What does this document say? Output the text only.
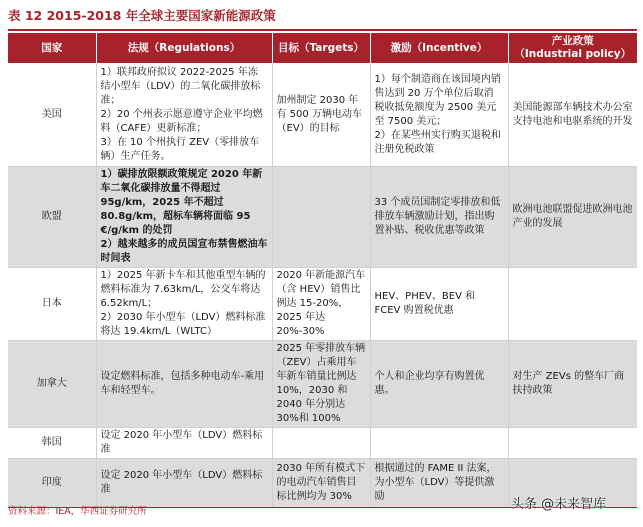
表 12 2015-2018 年全球主要国家新能源政策
国家	法规（Regulations）	目标（Targets）	激励（Incentive）	产业政策
（Industrial policy）
美国	1）联邦政府拟议 2022-2025 年冻结小型车（LDV）的二氧化碳排放标准；
2）20 个州表示愿意遵守企业平均燃料（CAFE）更新标准；
3）在 10 个州执行 ZEV（零排放车辆）生产任务。	加州制定 2030 年有 500 万辆电动车（EV）的目标	1）每个制造商在该国境内销售达到 20 万个单位后取消税收抵免额度为 2500 美元至 7500 美元；
2）在某些州实行购买退税和注册免税政策	美国能源部车辆技术办公室支持电池和电驱系统的开发
欧盟	1）碳排放限额政策规定 2020 年新车二氧化碳排放量不得超过 95g/km，2025 年不超过 80.8g/km，超标车辆将面临 95 €/g/km 的处罚
2）越来越多的成员国宣布禁售燃油车时间表		33 个成员国制定零排放和低排放车辆激励计划，指出购置补贴、税收优惠等政策	欧洲电池联盟促进欧洲电池产业的发展
日本	1）2025 年新卡车和其他重型车辆的燃料标准为 7.63km/L，公交车将达 6.52km/L；
2）2030 年小型车（LDV）燃料标准将达 19.4km/L（WLTC）	2020 年新能源汽车（含 HEV）销售比例达 15-20%，2025 年达 20%-30%	HEV、PHEV、BEV 和 FCEV 购置税优惠	
加拿大	设定燃料标准，包括多种电动车-乘用车和轻型车。	2025 年零排放车辆（ZEV）占乘用车年新车销量比例达 10%，2030 和 2040 年分别达 30%和 100%	个人和企业均享有购置优惠。	对生产 ZEVs 的整车厂商扶持政策
韩国	设定 2020 年小型车（LDV）燃料标准			
印度	设定 2020 年小型车（LDV）燃料标准	2030 年所有模式下的电动汽车销售目标比例均为 30%	根据通过的 FAME II 法案，为小型车（LDV）等提供激励	
资料来源：IEA，华西证券研究所	头条 @未来智库
